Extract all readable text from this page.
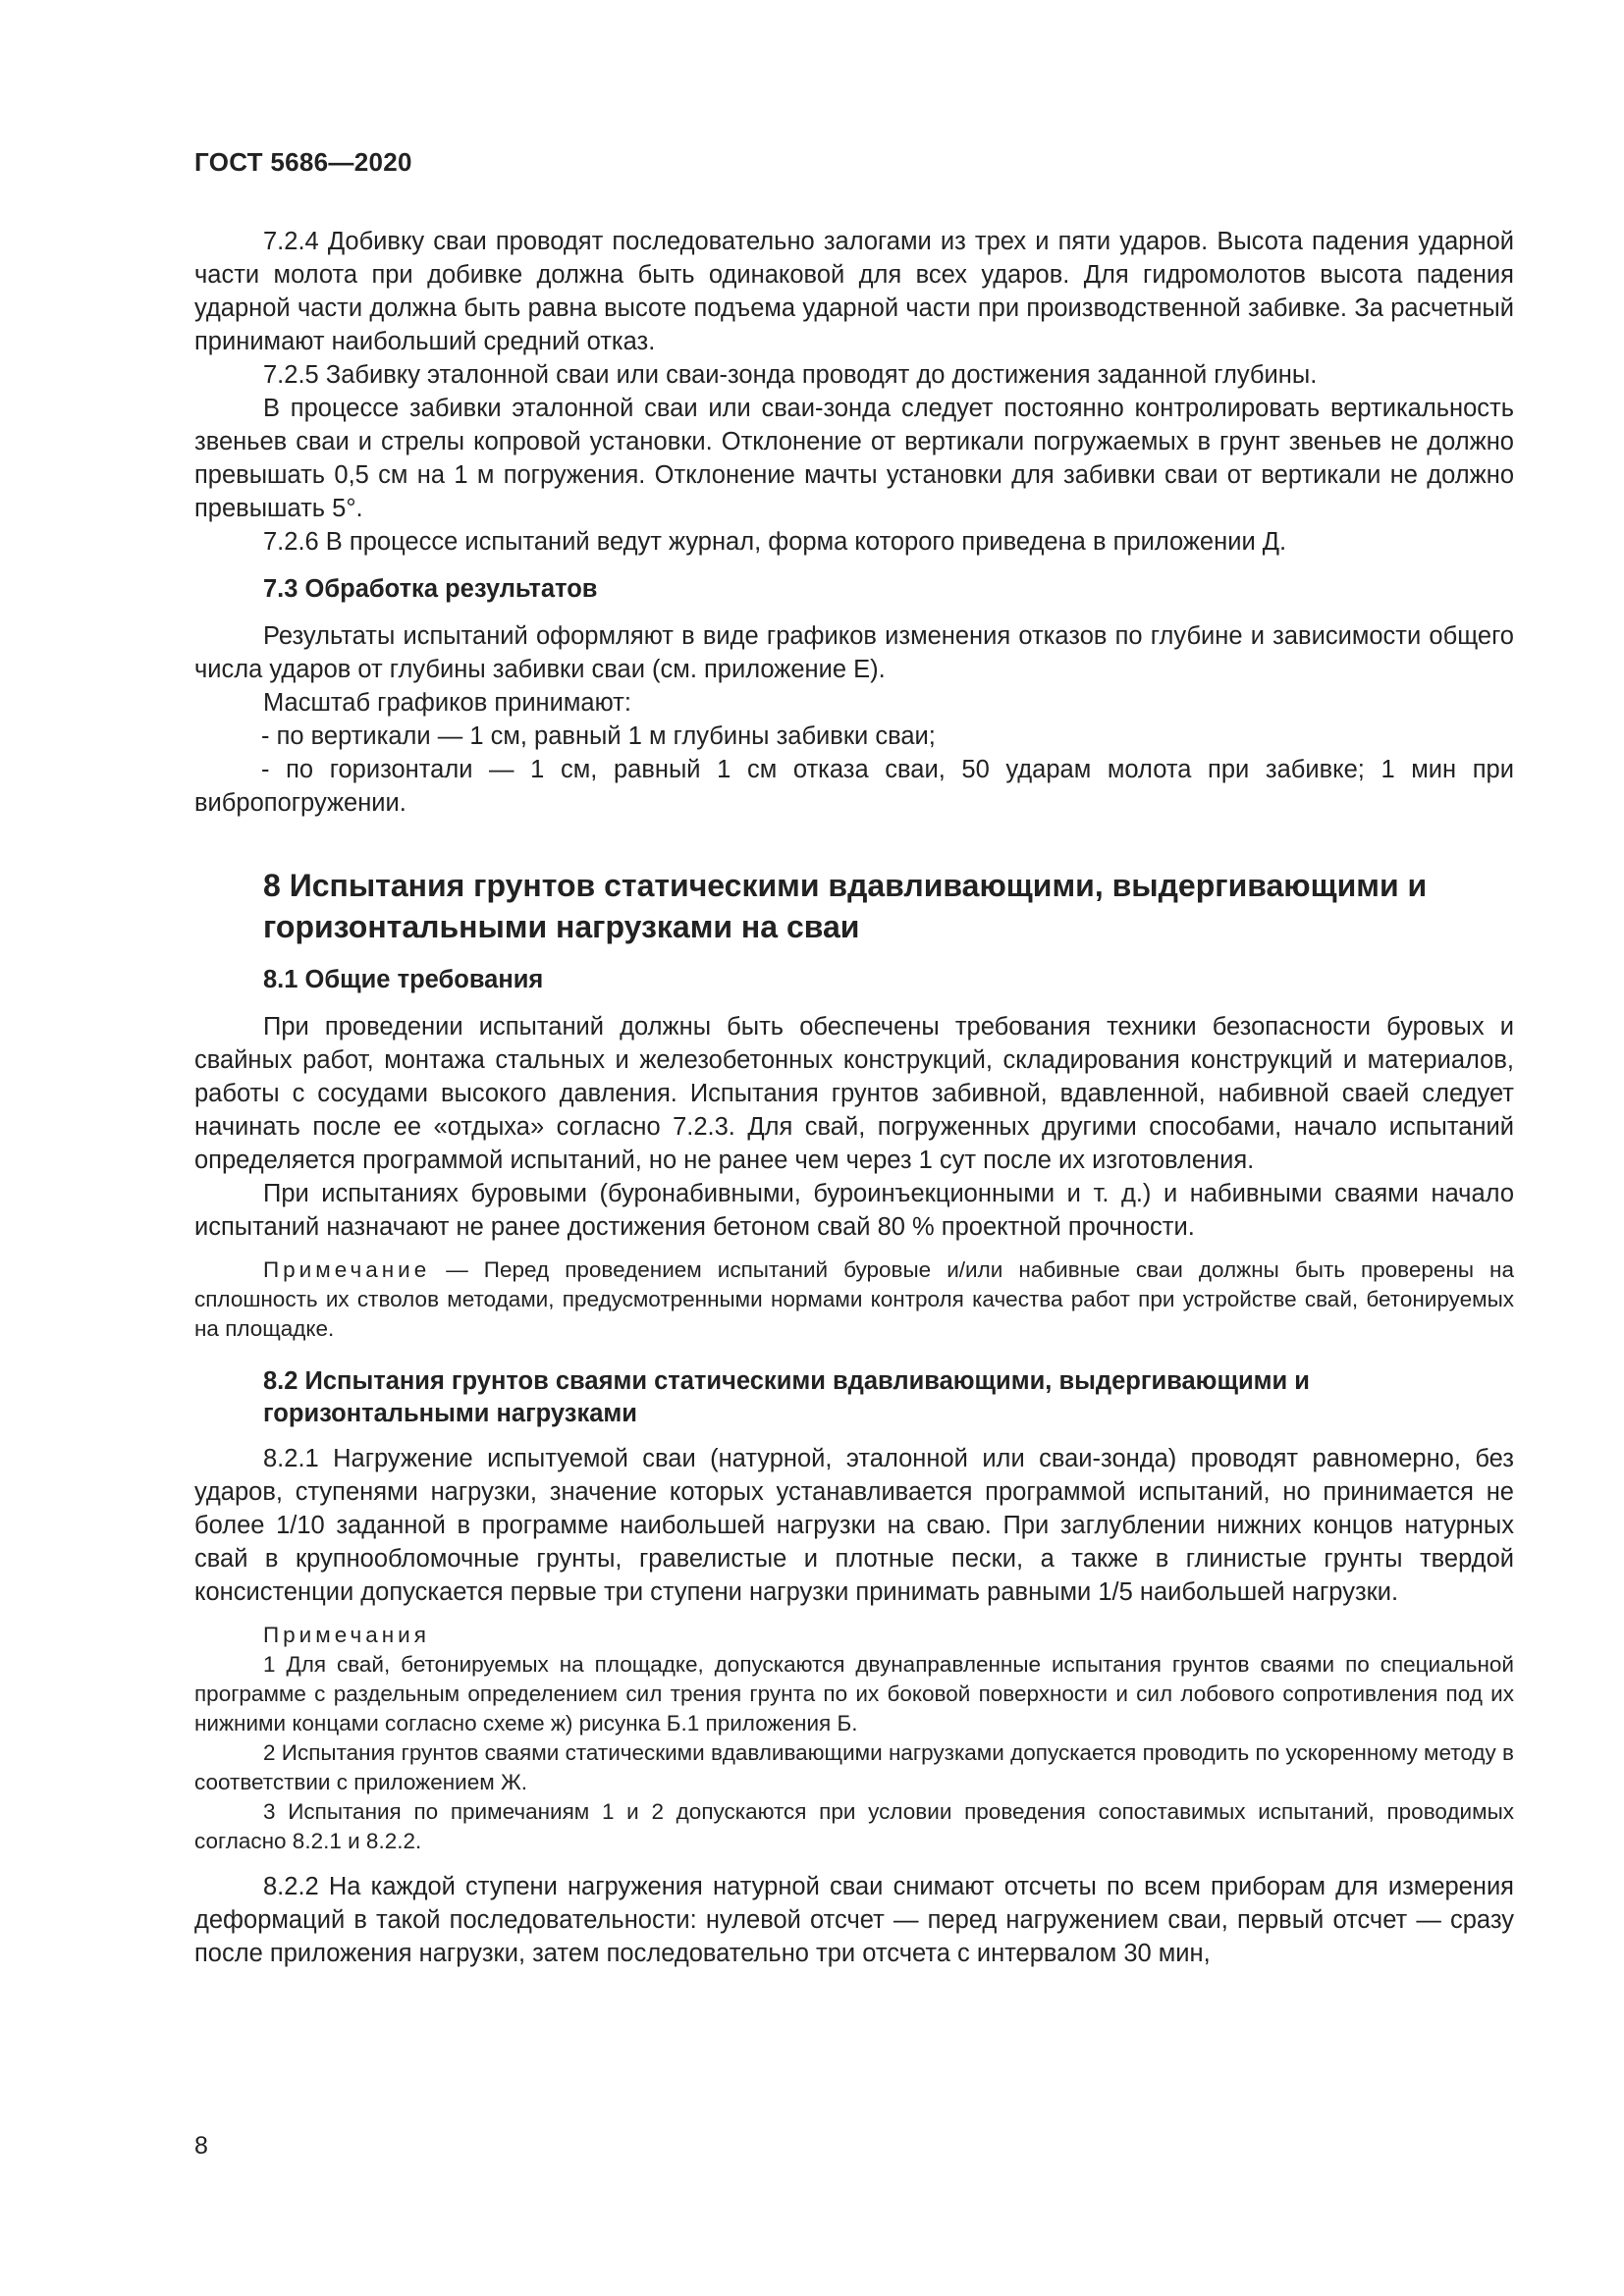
ГОСТ 5686—2020

7.2.4 Добивку сваи проводят последовательно залогами из трех и пяти ударов. Высота падения ударной части молота при добивке должна быть одинаковой для всех ударов. Для гидромолотов высота падения ударной части должна быть равна высоте подъема ударной части при производственной забивке. За расчетный принимают наибольший средний отказ.

7.2.5 Забивку эталонной сваи или сваи-зонда проводят до достижения заданной глубины.

В процессе забивки эталонной сваи или сваи-зонда следует постоянно контролировать вертикальность звеньев сваи и стрелы копровой установки. Отклонение от вертикали погружаемых в грунт звеньев не должно превышать 0,5 см на 1 м погружения. Отклонение мачты установки для забивки сваи от вертикали не должно превышать 5°.

7.2.6 В процессе испытаний ведут журнал, форма которого приведена в приложении Д.

7.3 Обработка результатов

Результаты испытаний оформляют в виде графиков изменения отказов по глубине и зависимости общего числа ударов от глубины забивки сваи (см. приложение Е).

Масштаб графиков принимают:

- по вертикали — 1 см, равный 1 м глубины забивки сваи;

- по горизонтали — 1 см, равный 1 см отказа сваи, 50 ударам молота при забивке; 1 мин при вибропогружении.

8 Испытания грунтов статическими вдавливающими, выдергивающими и горизонтальными нагрузками на сваи
8.1 Общие требования

При проведении испытаний должны быть обеспечены требования техники безопасности буровых и свайных работ, монтажа стальных и железобетонных конструкций, складирования конструкций и материалов, работы с сосудами высокого давления. Испытания грунтов забивной, вдавленной, набивной сваей следует начинать после ее «отдыха» согласно 7.2.3. Для свай, погруженных другими способами, начало испытаний определяется программой испытаний, но не ранее чем через 1 сут после их изготовления.

При испытаниях буровыми (буронабивными, буроинъекционными и т. д.) и набивными сваями начало испытаний назначают не ранее достижения бетоном свай 80 % проектной прочности.

Примечание — Перед проведением испытаний буровые и/или набивные сваи должны быть проверены на сплошность их стволов методами, предусмотренными нормами контроля качества работ при устройстве свай, бетонируемых на площадке.

8.2 Испытания грунтов сваями статическими вдавливающими, выдергивающими и горизонтальными нагрузками

8.2.1 Нагружение испытуемой сваи (натурной, эталонной или сваи-зонда) проводят равномерно, без ударов, ступенями нагрузки, значение которых устанавливается программой испытаний, но принимается не более 1/10 заданной в программе наибольшей нагрузки на сваю. При заглублении нижних концов натурных свай в крупнообломочные грунты, гравелистые и плотные пески, а также в глинистые грунты твердой консистенции допускается первые три ступени нагрузки принимать равными 1/5 наибольшей нагрузки.

Примечания

1 Для свай, бетонируемых на площадке, допускаются двунаправленные испытания грунтов сваями по специальной программе с раздельным определением сил трения грунта по их боковой поверхности и сил лобового сопротивления под их нижними концами согласно схеме ж) рисунка Б.1 приложения Б.

2 Испытания грунтов сваями статическими вдавливающими нагрузками допускается проводить по ускоренному методу в соответствии с приложением Ж.

3 Испытания по примечаниям 1 и 2 допускаются при условии проведения сопоставимых испытаний, проводимых согласно 8.2.1 и 8.2.2.

8.2.2 На каждой ступени нагружения натурной сваи снимают отсчеты по всем приборам для измерения деформаций в такой последовательности: нулевой отсчет — перед нагружением сваи, первый отсчет — сразу после приложения нагрузки, затем последовательно три отсчета с интервалом 30 мин,

8
